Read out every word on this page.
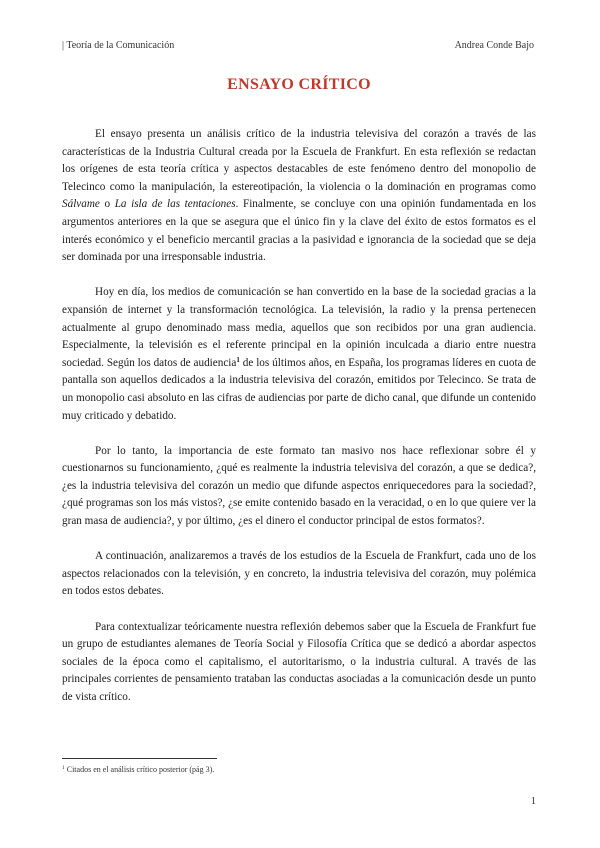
| Teoría de la Comunicación	Andrea Conde Bajo
ENSAYO CRÍTICO

El ensayo presenta un análisis crítico de la industria televisiva del corazón a través de las características de la Industria Cultural creada por la Escuela de Frankfurt. En esta reflexión se redactan los orígenes de esta teoría crítica y aspectos destacables de este fenómeno dentro del monopolio de Telecinco como la manipulación, la estereotipación, la violencia o la dominación en programas como Sálvame o La isla de las tentaciones. Finalmente, se concluye con una opinión fundamentada en los argumentos anteriores en la que se asegura que el único fin y la clave del éxito de estos formatos es el interés económico y el beneficio mercantil gracias a la pasividad e ignorancia de la sociedad que se deja ser dominada por una irresponsable industria.

Hoy en día, los medios de comunicación se han convertido en la base de la sociedad gracias a la expansión de internet y la transformación tecnológica. La televisión, la radio y la prensa pertenecen actualmente al grupo denominado mass media, aquellos que son recibidos por una gran audiencia. Especialmente, la televisión es el referente principal en la opinión inculcada a diario entre nuestra sociedad. Según los datos de audiencia$^1$ de los últimos años, en España, los programas líderes en cuota de pantalla son aquellos dedicados a la industria televisiva del corazón, emitidos por Telecinco. Se trata de un monopolio casi absoluto en las cifras de audiencias por parte de dicho canal, que difunde un contenido muy criticado y debatido.

Por lo tanto, la importancia de este formato tan masivo nos hace reflexionar sobre él y cuestionarnos su funcionamiento, ¿qué es realmente la industria televisiva del corazón, a que se dedica?, ¿es la industria televisiva del corazón un medio que difunde aspectos enriquecedores para la sociedad?, ¿qué programas son los más vistos?, ¿se emite contenido basado en la veracidad, o en lo que quiere ver la gran masa de audiencia?, y por último, ¿es el dinero el conductor principal de estos formatos?.

A continuación, analizaremos a través de los estudios de la Escuela de Frankfurt, cada uno de los aspectos relacionados con la televisión, y en concreto, la industria televisiva del corazón, muy polémica en todos estos debates.

Para contextualizar teóricamente nuestra reflexión debemos saber que la Escuela de Frankfurt fue un grupo de estudiantes alemanes de Teoría Social y Filosofía Crítica que se dedicó a abordar aspectos sociales de la época como el capitalismo, el autoritarismo, o la industria cultural. A través de las principales corrientes de pensamiento trataban las conductas asociadas a la comunicación desde un punto de vista crítico.

$^1$ Citados en el análisis crítico posterior (pág 3).
1
